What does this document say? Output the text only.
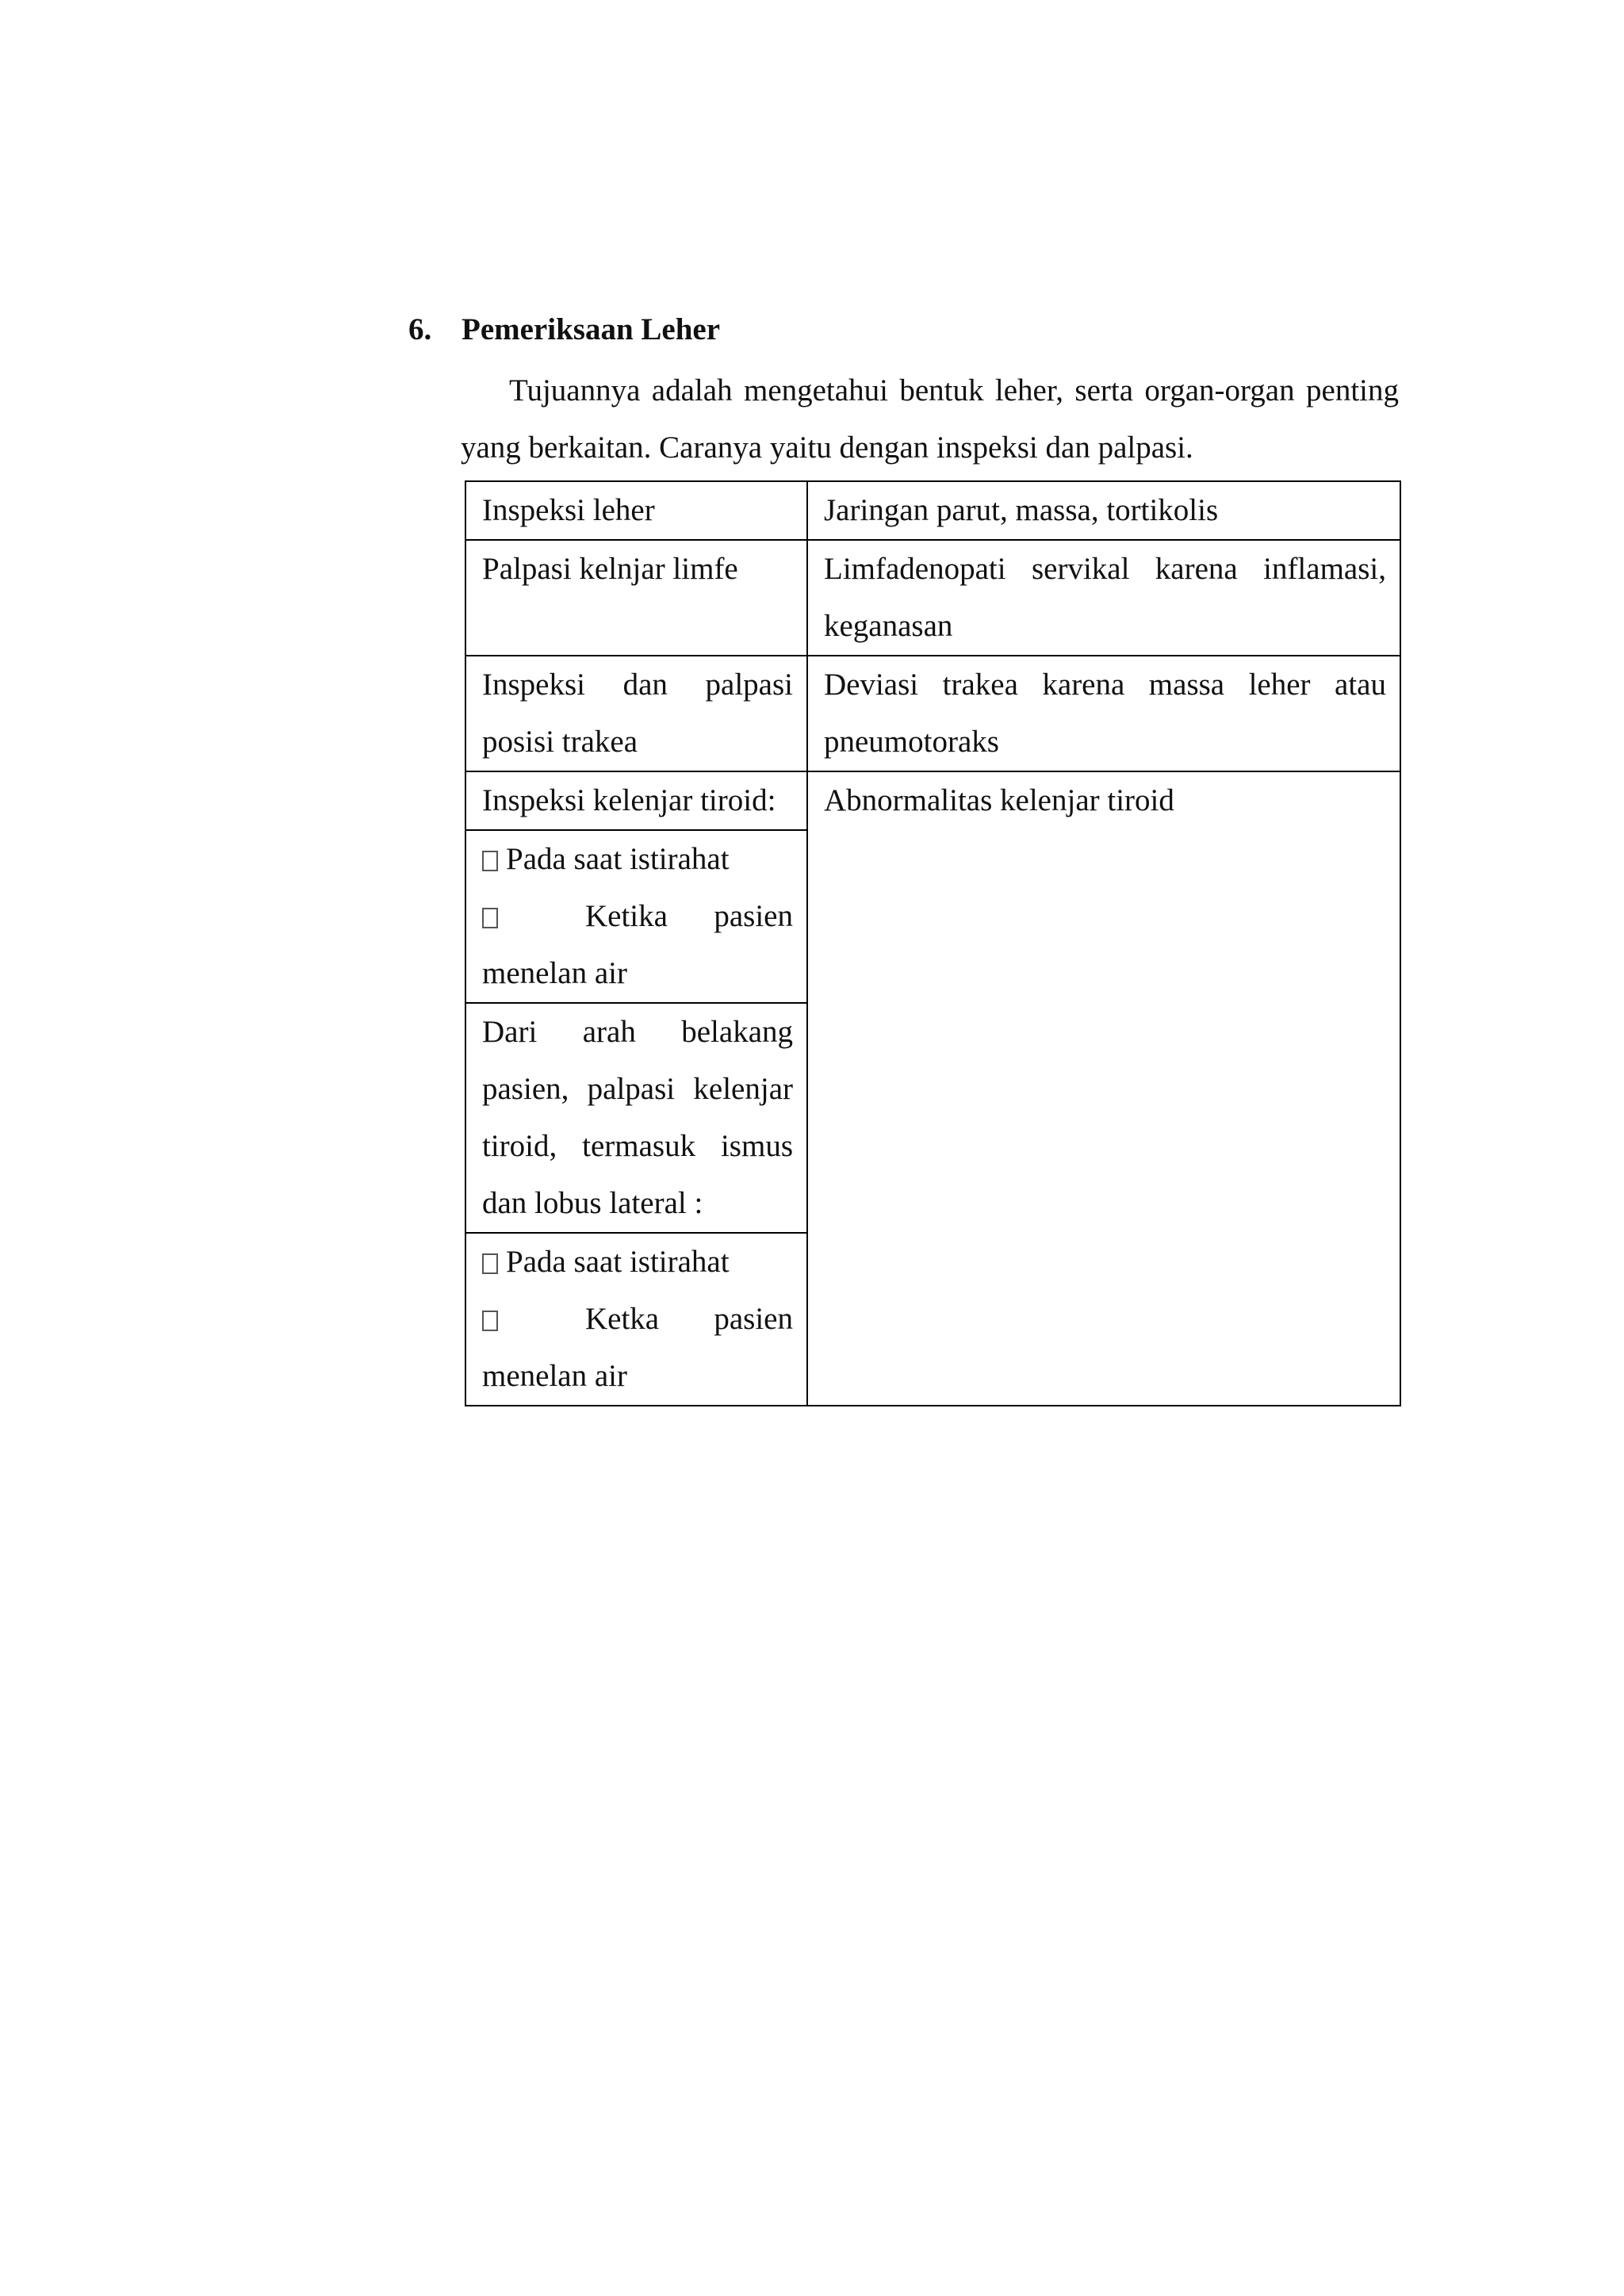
6. Pemeriksaan Leher

Tujuannya adalah mengetahui bentuk leher, serta organ-organ penting yang berkaitan. Caranya yaitu dengan inspeksi dan palpasi.

Inspeksi leher	Jaringan parut, massa, tortikolis
Palpasi kelnjar limfe	Limfadenopati servikal karena inflamasi, keganasan
Inspeksi dan palpasi posisi trakea	Deviasi trakea karena massa leher atau pneumotoraks
Inspeksi kelenjar tiroid:	Abnormalitas kelenjar tiroid

Pada saat istirahat
Ketika pasien
menelan air	

Dari arah belakang pasien, palpasi kelenjar tiroid, termasuk ismus dan lobus lateral :	

Pada saat istirahat
Ketka pasien
menelan air	
